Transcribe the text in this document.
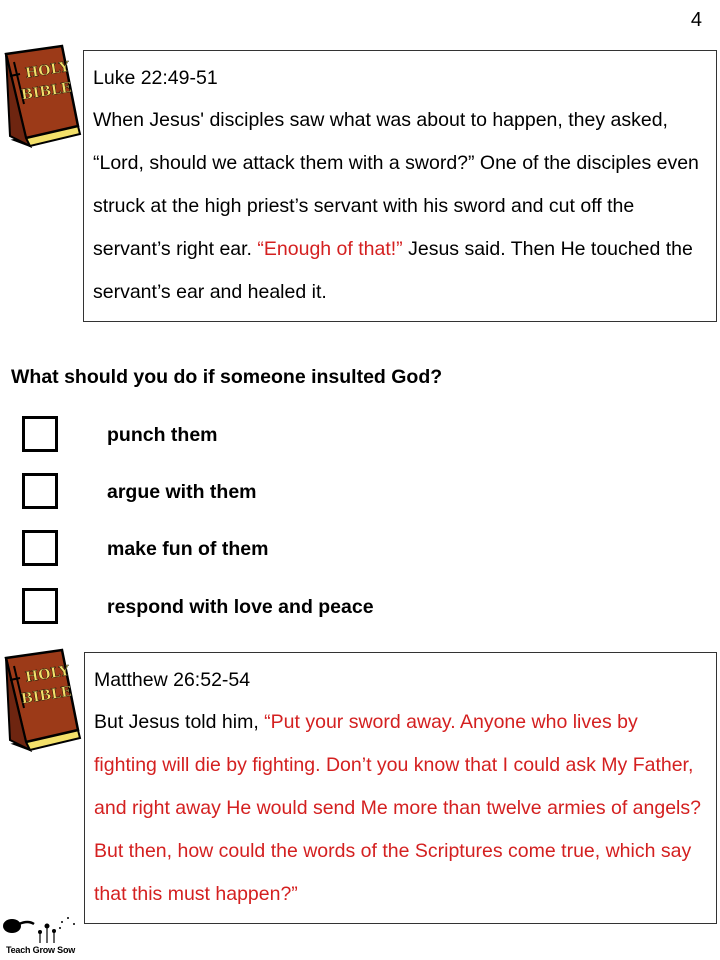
4
HOLY
BIBLE

Luke 22:49-51

When Jesus' disciples saw what was about to happen, they asked, “Lord, should we attack them with a sword?” One of the disciples even struck at the high priest’s servant with his sword and cut off the servant’s right ear. “Enough of that!” Jesus said. Then He touched the servant’s ear and healed it.

What should you do if someone insulted God?
punch them
argue with them
make fun of them
respond with love and peace
HOLY
BIBLE

Matthew 26:52-54

But Jesus told him, “Put your sword away. Anyone who lives by fighting will die by fighting. Don’t you know that I could ask My Father, and right away He would send Me more than twelve armies of angels? But then, how could the words of the Scriptures come true, which say that this must happen?”

Teach Grow Sow
